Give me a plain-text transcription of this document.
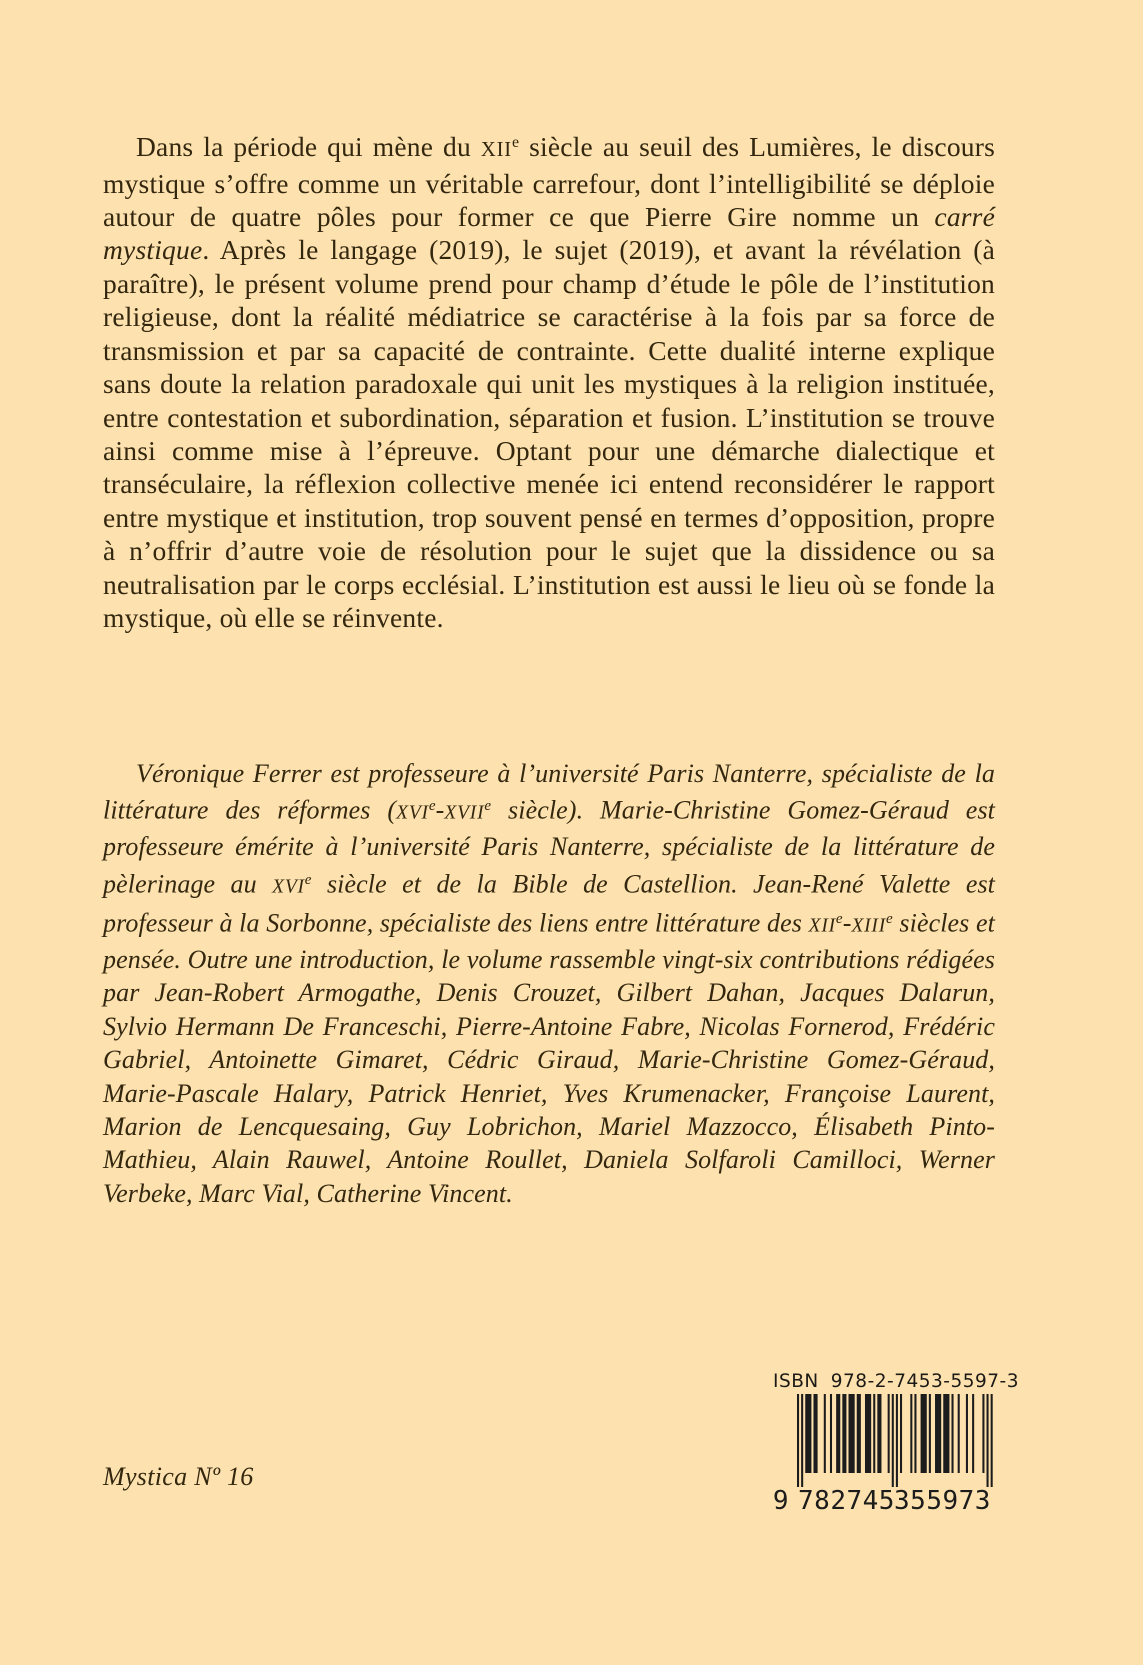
Dans la période qui mène du XIIe siècle au seuil des Lumières, le discours mystique s’offre comme un véritable carrefour, dont l’intelligibilité se déploie autour de quatre pôles pour former ce que Pierre Gire nomme un carré mystique. Après le langage (2019), le sujet (2019), et avant la révélation (à paraître), le présent volume prend pour champ d’étude le pôle de l’institution religieuse, dont la réalité médiatrice se caractérise à la fois par sa force de transmission et par sa capacité de contrainte. Cette dualité interne explique sans doute la relation paradoxale qui unit les mystiques à la religion instituée, entre contestation et subordination, séparation et fusion. L’institution se trouve ainsi comme mise à l’épreuve. Optant pour une démarche dialectique et transéculaire, la réflexion collective menée ici entend reconsidérer le rapport entre mystique et institution, trop souvent pensé en termes d’opposition, propre à n’offrir d’autre voie de résolution pour le sujet que la dissidence ou sa neutralisation par le corps ecclésial. L’institution est aussi le lieu où se fonde la mystique, où elle se réinvente.

Véronique Ferrer est professeure à l’université Paris Nanterre, spécialiste de la littérature des réformes (XVIe-XVIIe siècle). Marie-Christine Gomez-Géraud est professeure émérite à l’université Paris Nanterre, spécialiste de la littérature de pèlerinage au XVIe siècle et de la Bible de Castellion. Jean-René Valette est professeur à la Sorbonne, spécialiste des liens entre littérature des XIIe-XIIIe siècles et pensée. Outre une introduction, le volume rassemble vingt-six contributions rédigées par Jean-Robert Armogathe, Denis Crouzet, Gilbert Dahan, Jacques Dalarun, Sylvio Hermann De Franceschi, Pierre-Antoine Fabre, Nicolas Fornerod, Frédéric Gabriel, Antoinette Gimaret, Cédric Giraud, Marie-Christine Gomez-Géraud, Marie-Pascale Halary, Patrick Henriet, Yves Krumenacker, Françoise Laurent, Marion de Lencquesaing, Guy Lobrichon, Mariel Mazzocco, Élisabeth Pinto-Mathieu, Alain Rauwel, Antoine Roullet, Daniela Solfaroli Camilloci, Werner Verbeke, Marc Vial, Catherine Vincent.

Mystica Nº 16
ISBN 978-2-7453-5597-3
9 782745 355973
